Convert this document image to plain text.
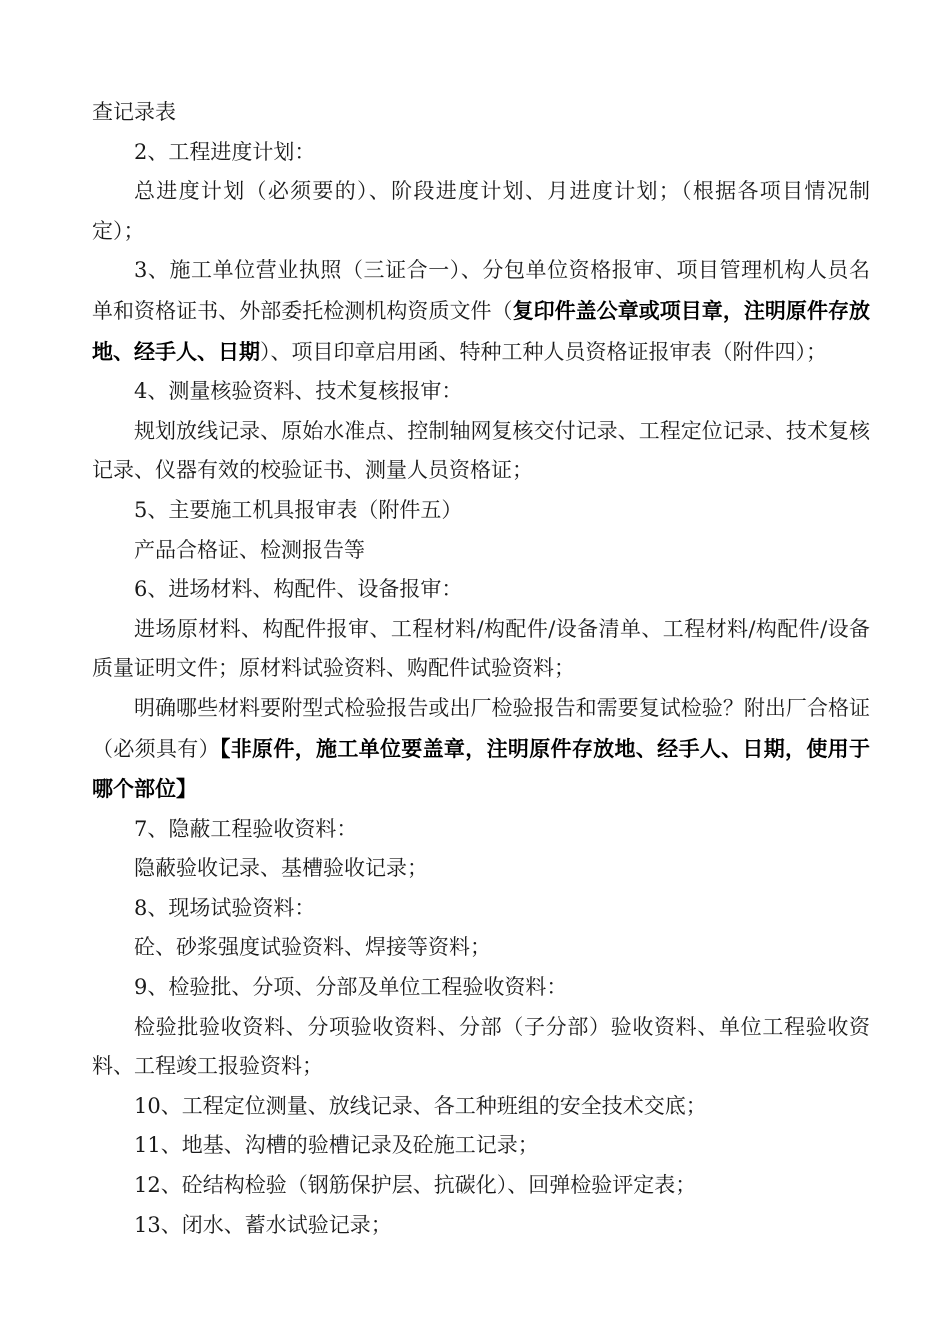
查记录表

2、工程进度计划：

总进度计划（必须要的）、阶段进度计划、月进度计划；（根据各项目情况制定）；

3、施工单位营业执照（三证合一）、分包单位资格报审、项目管理机构人员名单和资格证书、外部委托检测机构资质文件（复印件盖公章或项目章，注明原件存放地、经手人、日期）、项目印章启用函、特种工种人员资格证报审表（附件四）；

4、测量核验资料、技术复核报审：

规划放线记录、原始水准点、控制轴网复核交付记录、工程定位记录、技术复核记录、仪器有效的校验证书、测量人员资格证；

5、主要施工机具报审表（附件五）

产品合格证、检测报告等

6、进场材料、构配件、设备报审：

进场原材料、构配件报审、工程材料/构配件/设备清单、工程材料/构配件/设备质量证明文件；原材料试验资料、购配件试验资料；

明确哪些材料要附型式检验报告或出厂检验报告和需要复试检验？附出厂合格证（必须具有）【非原件，施工单位要盖章，注明原件存放地、经手人、日期，使用于哪个部位】

7、隐蔽工程验收资料：

隐蔽验收记录、基槽验收记录；

8、现场试验资料：

砼、砂浆强度试验资料、焊接等资料；

9、检验批、分项、分部及单位工程验收资料：

检验批验收资料、分项验收资料、分部（子分部）验收资料、单位工程验收资料、工程竣工报验资料；

10、工程定位测量、放线记录、各工种班组的安全技术交底；

11、地基、沟槽的验槽记录及砼施工记录；

12、砼结构检验（钢筋保护层、抗碳化）、回弹检验评定表；

13、闭水、蓄水试验记录；
